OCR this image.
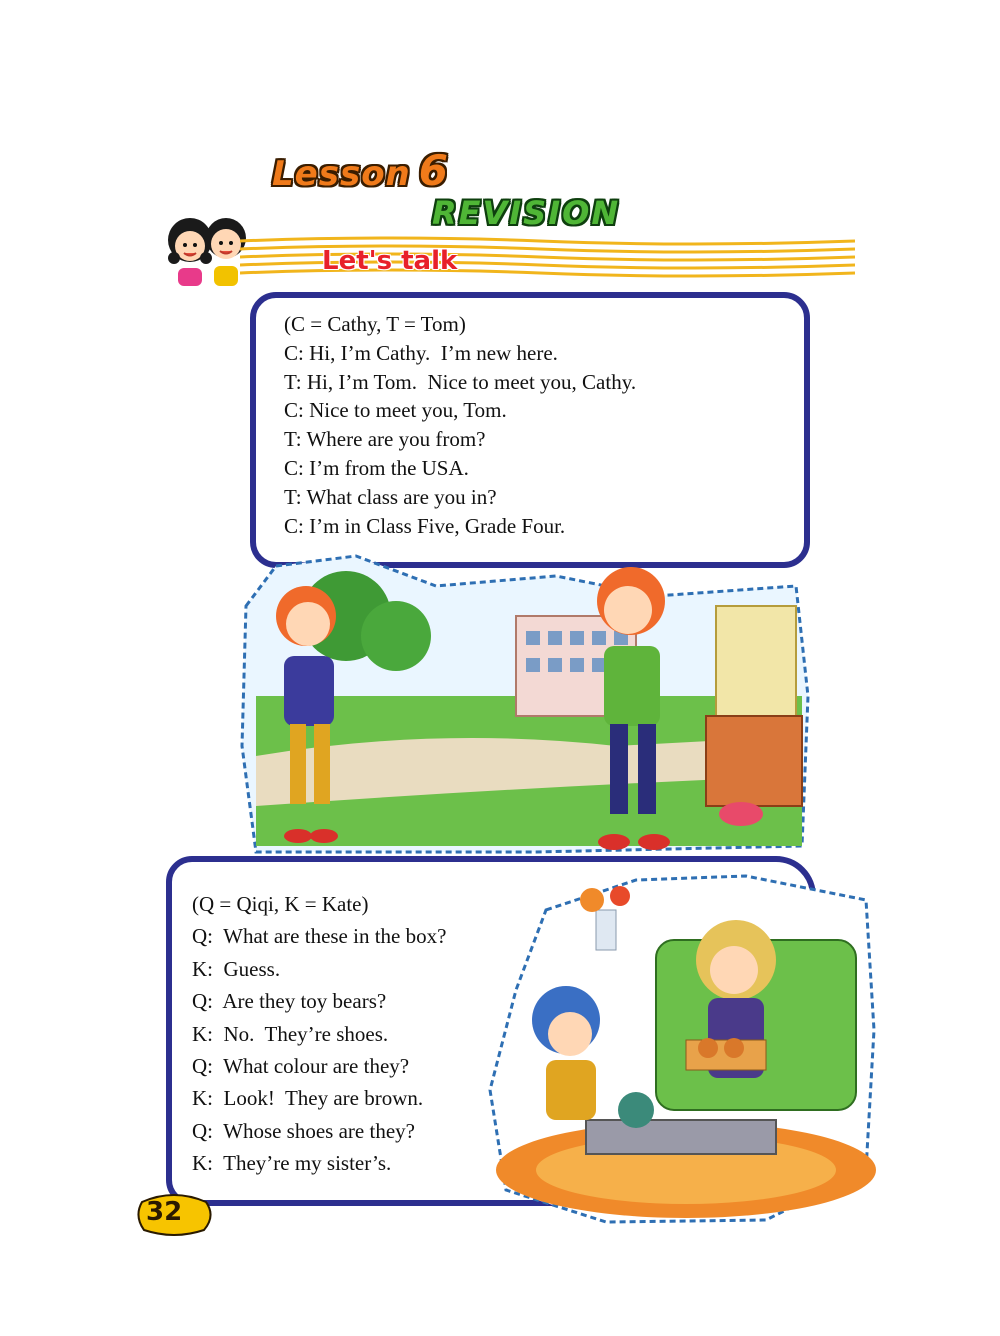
Lesson 6
REVISION
Let's talk
(C = Cathy, T = Tom)
C: Hi, I’m Cathy.  I’m new here.
T: Hi, I’m Tom.  Nice to meet you, Cathy.
C: Nice to meet you, Tom.
T: Where are you from?
C: I’m from the USA.
T: What class are you in?
C: I’m in Class Five, Grade Four.
(Q = Qiqi, K = Kate)
Q:  What are these in the box?
K:  Guess.
Q:  Are they toy bears?
K:  No.  They’re shoes.
Q:  What colour are they?
K:  Look!  They are brown.
Q:  Whose shoes are they?
K:  They’re my sister’s.
32
